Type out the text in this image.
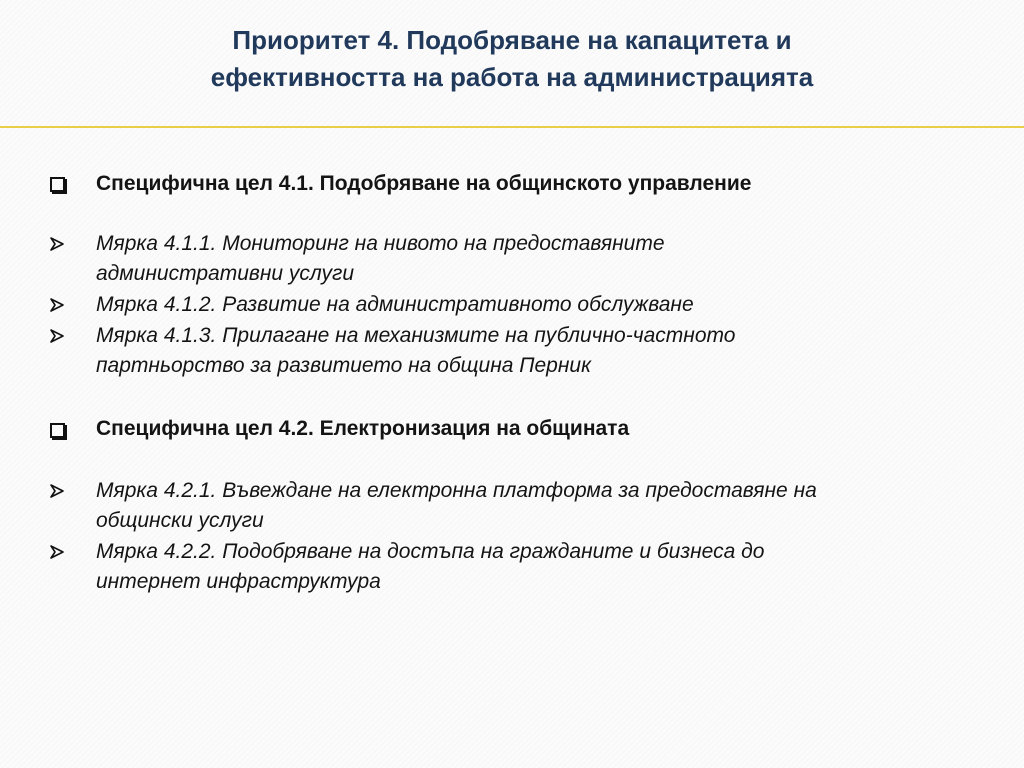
Приоритет 4. Подобряване на капацитета и
ефективността на работа на администрацията
Специфична цел 4.1. Подобряване на общинското управление
Мярка 4.1.1. Мониторинг на нивото на предоставяните
административни услуги
Мярка 4.1.2. Развитие на административното обслужване
Мярка 4.1.3. Прилагане на механизмите на публично-частното
партньорство за развитието на община Перник
Специфична цел 4.2. Електронизация на общината
Мярка 4.2.1. Въвеждане на електронна платформа за предоставяне на
общински услуги
Мярка 4.2.2. Подобряване на достъпа на гражданите и бизнеса до
интернет инфраструктура
